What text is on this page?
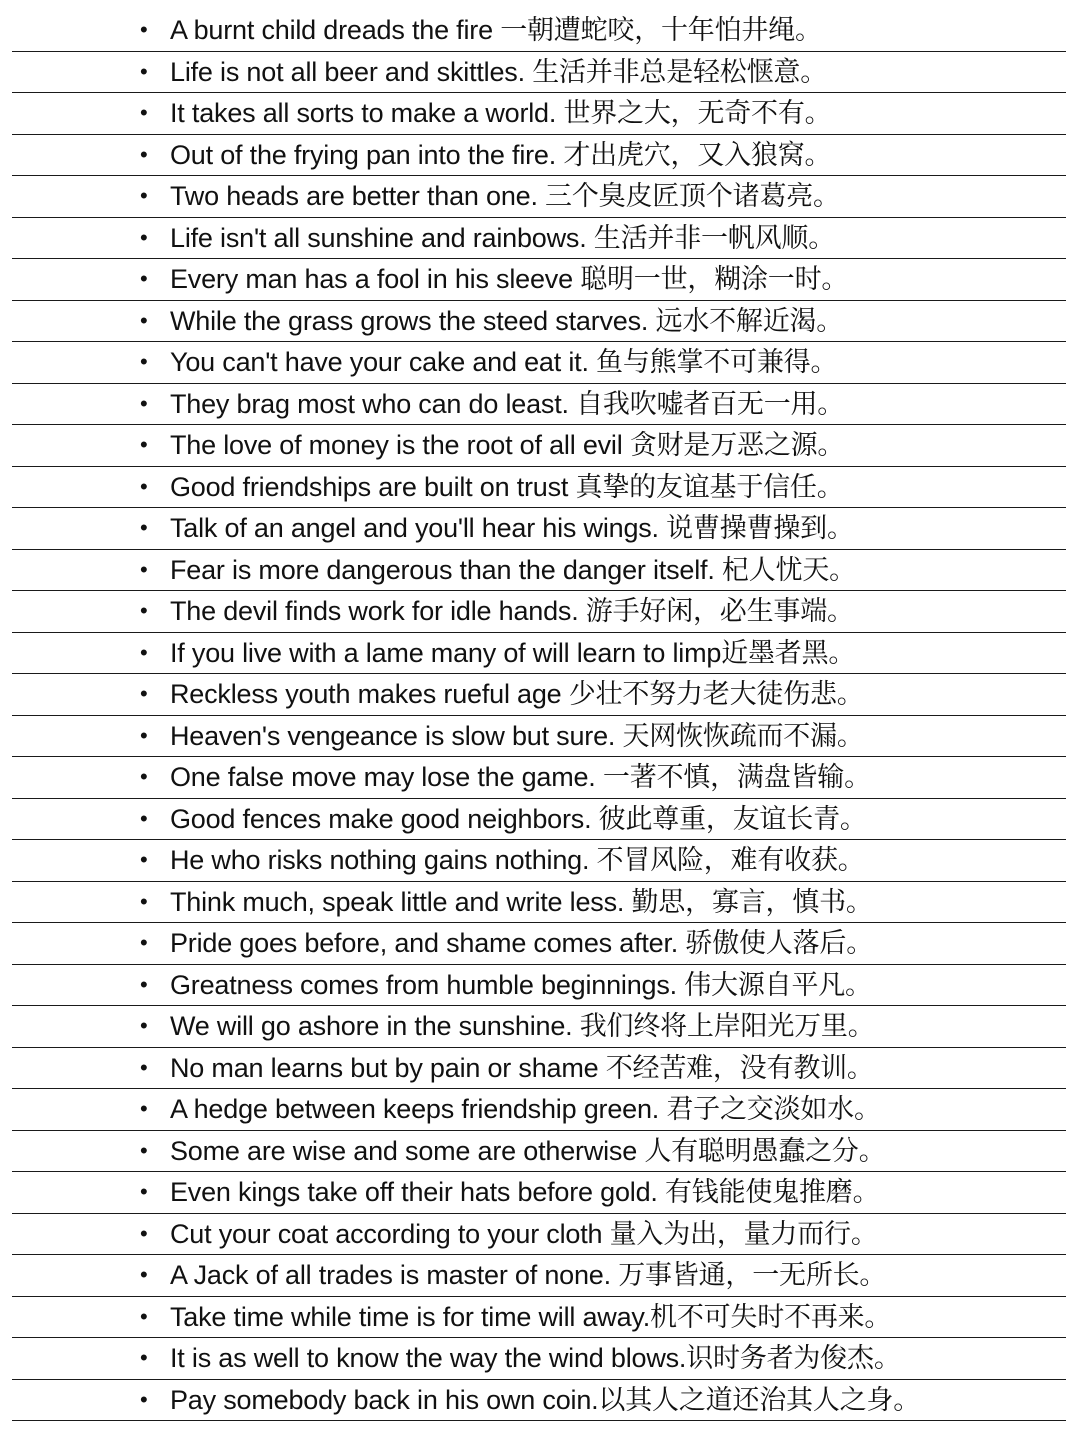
• A burnt child dreads the fire 一朝遭蛇咬，十年怕井绳。
• Life is not all beer and skittles. 生活并非总是轻松惬意。
• It takes all sorts to make a world. 世界之大，无奇不有。
• Out of the frying pan into the fire. 才出虎穴，又入狼窝。
• Two heads are better than one. 三个臭皮匠顶个诸葛亮。
• Life isn't all sunshine and rainbows. 生活并非一帆风顺。
• Every man has a fool in his sleeve 聪明一世，糊涂一时。
• While the grass grows the steed starves. 远水不解近渴。
• You can't have your cake and eat it. 鱼与熊掌不可兼得。
• They brag most who can do least. 自我吹嘘者百无一用。
• The love of money is the root of all evil 贪财是万恶之源。
• Good friendships are built on trust 真挚的友谊基于信任。
• Talk of an angel and you'll hear his wings. 说曹操曹操到。
• Fear is more dangerous than the danger itself. 杞人忧天。
• The devil finds work for idle hands. 游手好闲，必生事端。
• If you live with a lame many of will learn to limp近墨者黑。
• Reckless youth makes rueful age 少壮不努力老大徒伤悲。
• Heaven's vengeance is slow but sure. 天网恢恢疏而不漏。
• One false move may lose the game. 一著不慎，满盘皆输。
• Good fences make good neighbors. 彼此尊重，友谊长青。
• He who risks nothing gains nothing. 不冒风险，难有收获。
• Think much, speak little and write less. 勤思，寡言，慎书。
• Pride goes before, and shame comes after. 骄傲使人落后。
• Greatness comes from humble beginnings. 伟大源自平凡。
• We will go ashore in the sunshine. 我们终将上岸阳光万里。
• No man learns but by pain or shame 不经苦难，没有教训。
• A hedge between keeps friendship green. 君子之交淡如水。
• Some are wise and some are otherwise 人有聪明愚蠢之分。
• Even kings take off their hats before gold. 有钱能使鬼推磨。
• Cut your coat according to your cloth 量入为出，量力而行。
• A Jack of all trades is master of none. 万事皆通，一无所长。
• Take time while time is for time will away.机不可失时不再来。
• It is as well to know the way the wind blows.识时务者为俊杰。
• Pay somebody back in his own coin.以其人之道还治其人之身。
